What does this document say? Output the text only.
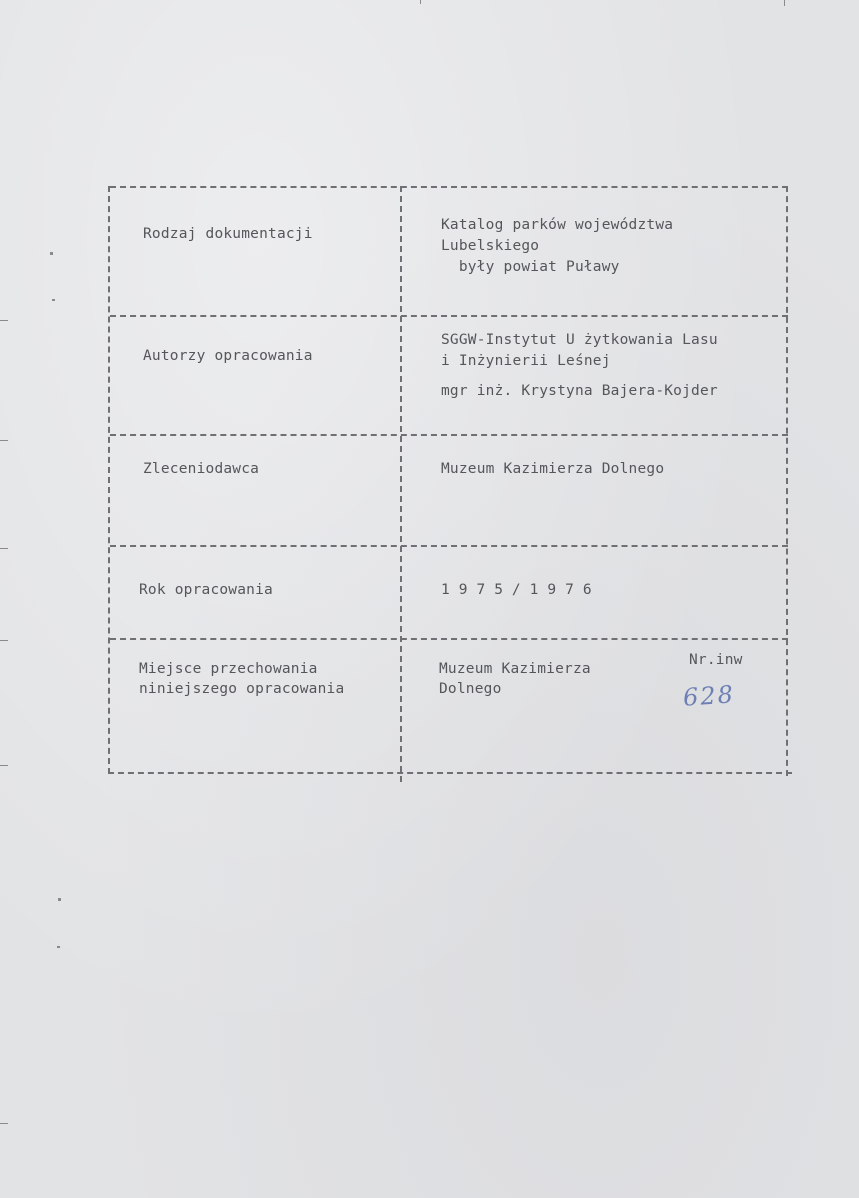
Rodzaj dokumentacji
Katalog parków województwa
Lubelskiego
były powiat Puławy
Autorzy opracowania
SGGW-Instytut U żytkowania Lasu
i Inżynierii Leśnej
mgr inż. Krystyna Bajera-Kojder
Zleceniodawca	Muzeum Kazimierza Dolnego
Rok opracowania	1975/1976
Miejsce przechowania
niniejszego opracowania
Muzeum Kazimierza
Dolnego
Nr.inw
628
